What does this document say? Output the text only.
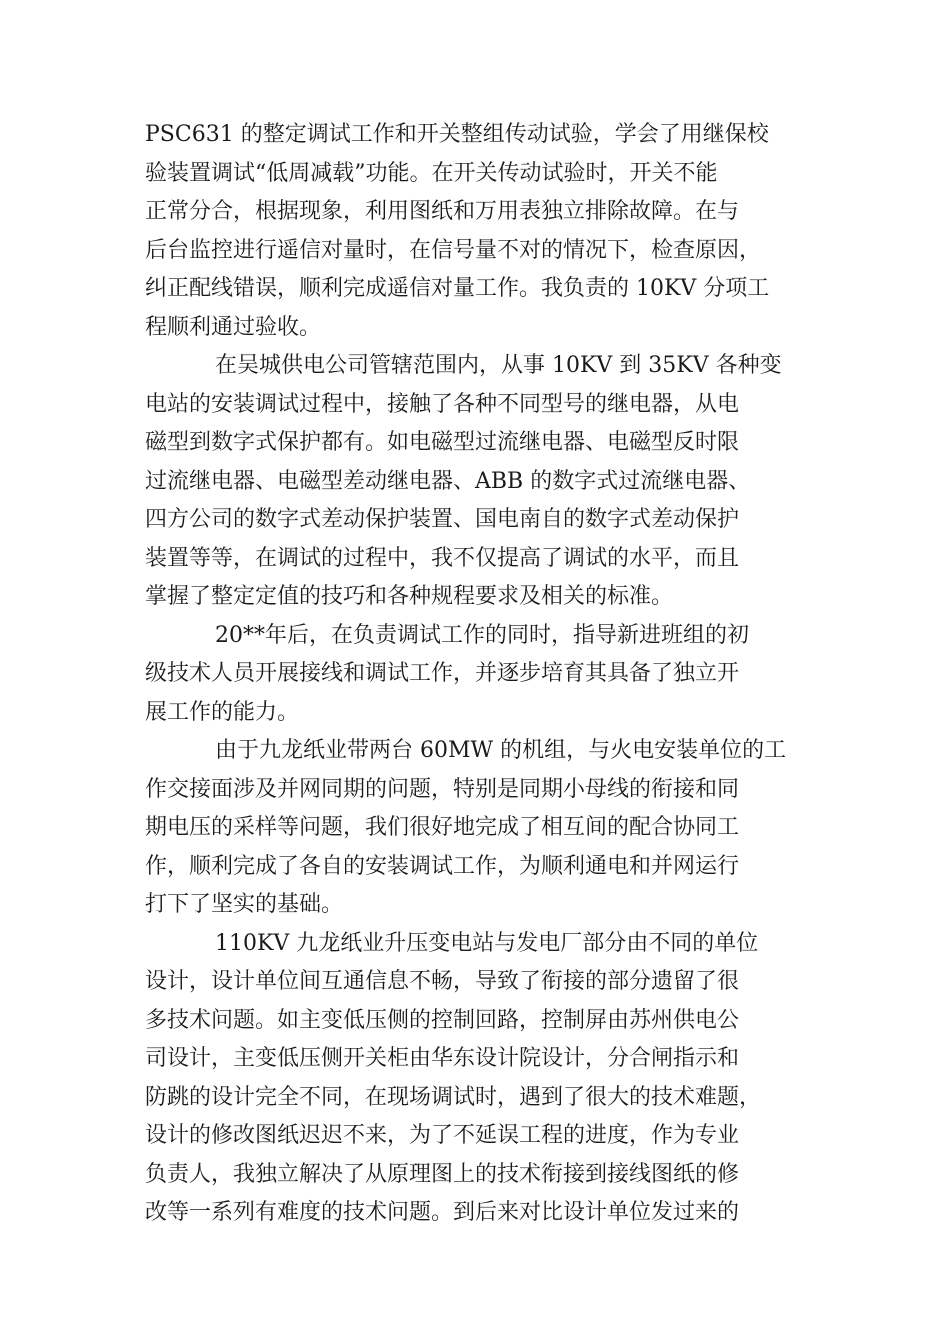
PSC631 的整定调试工作和开关整组传动试验，学会了用继保校
验装置调试“低周减载”功能。在开关传动试验时，开关不能
正常分合，根据现象，利用图纸和万用表独立排除故障。在与
后台监控进行遥信对量时，在信号量不对的情况下，检查原因，
纠正配线错误，顺利完成遥信对量工作。我负责的 10KV 分项工
程顺利通过验收。
在吴城供电公司管辖范围内，从事 10KV 到 35KV 各种变
电站的安装调试过程中，接触了各种不同型号的继电器，从电
磁型到数字式保护都有。如电磁型过流继电器、电磁型反时限
过流继电器、电磁型差动继电器、ABB 的数字式过流继电器、
四方公司的数字式差动保护装置、国电南自的数字式差动保护
装置等等，在调试的过程中，我不仅提高了调试的水平，而且
掌握了整定定值的技巧和各种规程要求及相关的标准。
20**年后，在负责调试工作的同时，指导新进班组的初
级技术人员开展接线和调试工作，并逐步培育其具备了独立开
展工作的能力。
由于九龙纸业带两台 60MW 的机组，与火电安装单位的工
作交接面涉及并网同期的问题，特别是同期小母线的衔接和同
期电压的采样等问题，我们很好地完成了相互间的配合协同工
作，顺利完成了各自的安装调试工作，为顺利通电和并网运行
打下了坚实的基础。
110KV 九龙纸业升压变电站与发电厂部分由不同的单位
设计，设计单位间互通信息不畅，导致了衔接的部分遗留了很
多技术问题。如主变低压侧的控制回路，控制屏由苏州供电公
司设计，主变低压侧开关柜由华东设计院设计，分合闸指示和
防跳的设计完全不同，在现场调试时，遇到了很大的技术难题，
设计的修改图纸迟迟不来，为了不延误工程的进度，作为专业
负责人，我独立解决了从原理图上的技术衔接到接线图纸的修
改等一系列有难度的技术问题。到后来对比设计单位发过来的
